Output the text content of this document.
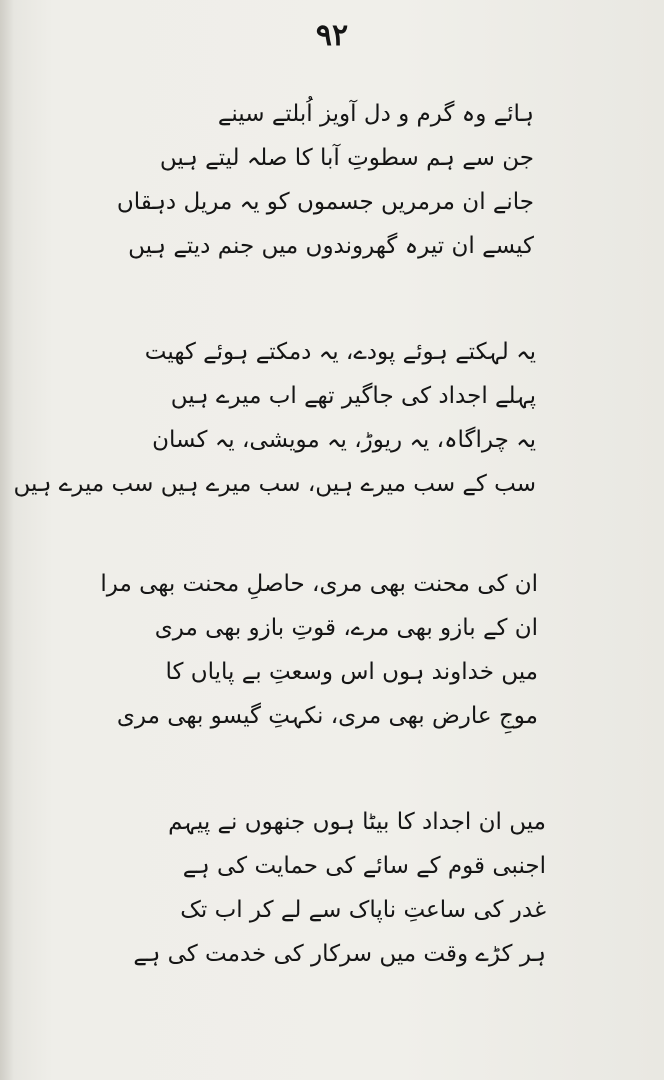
۹۲
ہائے وہ گرم و دل آویز اُبلتے سینے
جن سے ہم سطوتِ آبا کا صلہ لیتے ہیں
جانے ان مرمریں جسموں کو یہ مریل دہقاں
کیسے ان تیرہ گھروندوں میں جنم دیتے ہیں
یہ لہکتے ہوئے پودے، یہ دمکتے ہوئے کھیت
پہلے اجداد کی جاگیر تھے اب میرے ہیں
یہ چراگاہ، یہ ریوڑ، یہ مویشی، یہ کسان
سب کے سب میرے ہیں، سب میرے ہیں سب میرے ہیں
ان کی محنت بھی مری، حاصلِ محنت بھی مرا
ان کے بازو بھی مرے، قوتِ بازو بھی مری
میں خداوند ہوں اس وسعتِ بے پایاں کا
موجِ عارض بھی مری، نکہتِ گیسو بھی مری
میں ان اجداد کا بیٹا ہوں جنھوں نے پیہم
اجنبی قوم کے سائے کی حمایت کی ہے
غدر کی ساعتِ ناپاک سے لے کر اب تک
ہر کڑے وقت میں سرکار کی خدمت کی ہے
